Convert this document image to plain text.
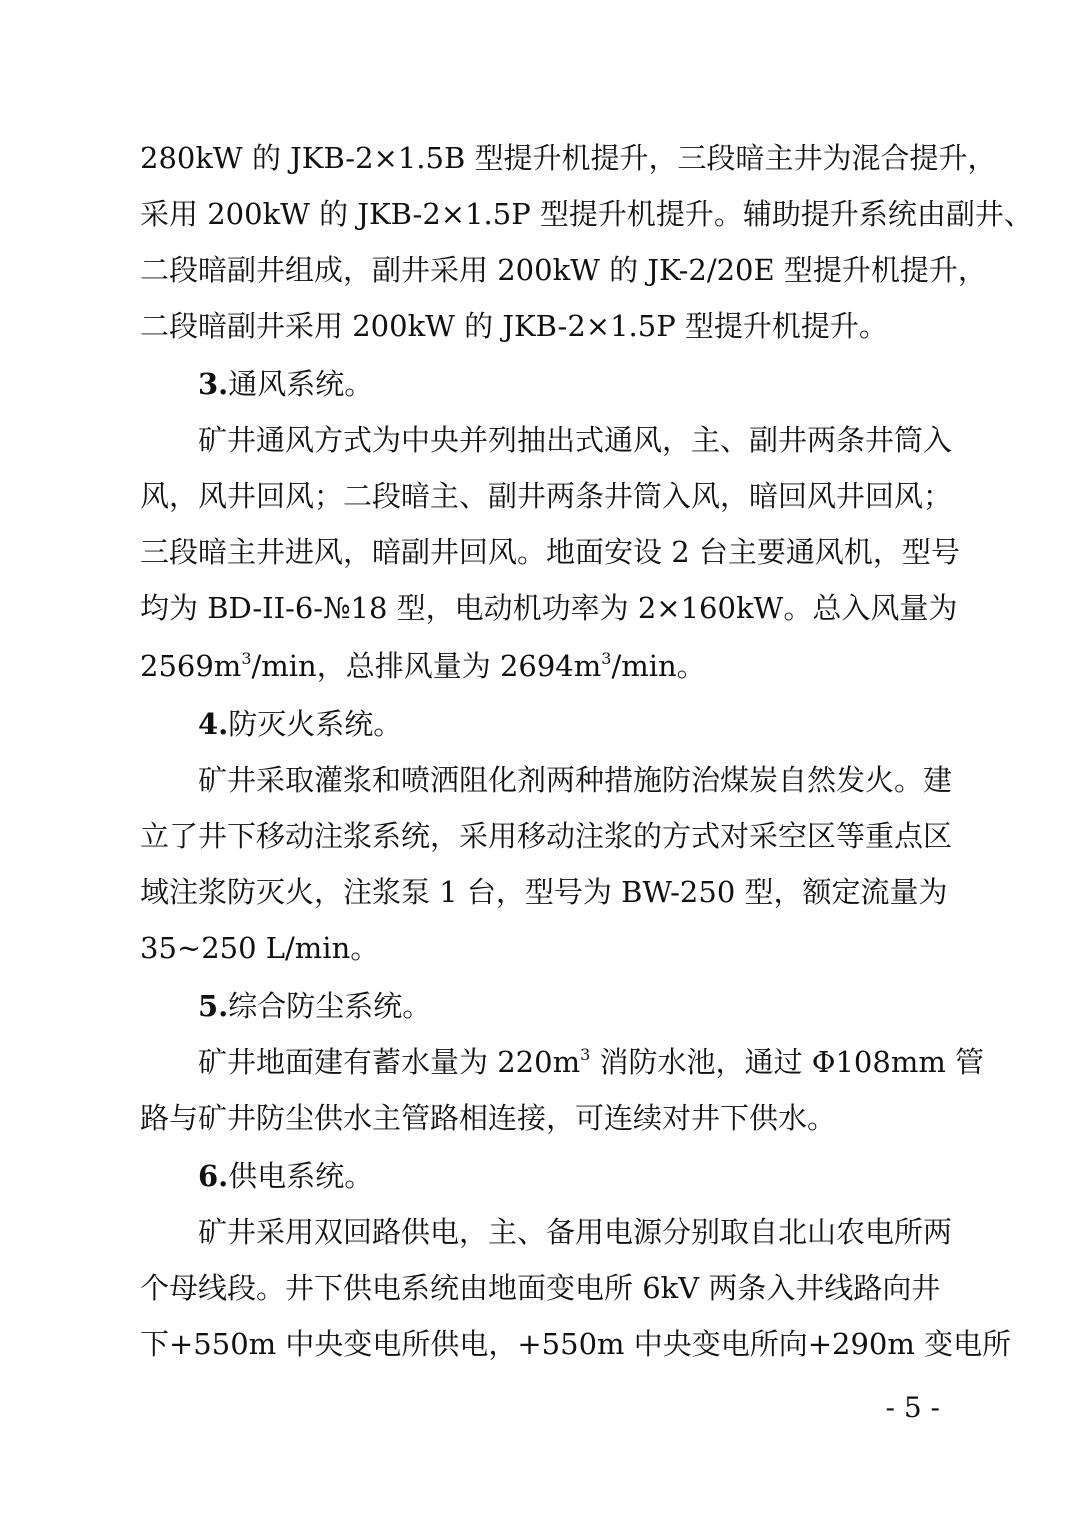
280kW 的 JKB-2×1.5B 型提升机提升，三段暗主井为混合提升，
采用 200kW 的 JKB-2×1.5P 型提升机提升。辅助提升系统由副井、
二段暗副井组成，副井采用 200kW 的 JK-2/20E 型提升机提升，
二段暗副井采用 200kW 的 JKB-2×1.5P 型提升机提升。
3.通风系统。
矿井通风方式为中央并列抽出式通风，主、副井两条井筒入
风，风井回风；二段暗主、副井两条井筒入风，暗回风井回风；
三段暗主井进风，暗副井回风。地面安设 2 台主要通风机，型号
均为 BD-II-6-№18 型，电动机功率为 2×160kW。总入风量为
$2569m^3/\min$，总排风量为 $2694m^3/\min$。
4.防灭火系统。
矿井采取灌浆和喷洒阻化剂两种措施防治煤炭自然发火。建
立了井下移动注浆系统，采用移动注浆的方式对采空区等重点区
域注浆防灭火，注浆泵 1 台，型号为 BW-250 型，额定流量为
35~250 L/min。
5.综合防尘系统。
矿井地面建有蓄水量为 $220m^3$ 消防水池，通过 Φ108mm 管
路与矿井防尘供水主管路相连接，可连续对井下供水。
6.供电系统。
矿井采用双回路供电，主、备用电源分别取自北山农电所两
个母线段。井下供电系统由地面变电所 6kV 两条入井线路向井
下+550m 中央变电所供电，+550m 中央变电所向+290m 变电所
- 5 -
